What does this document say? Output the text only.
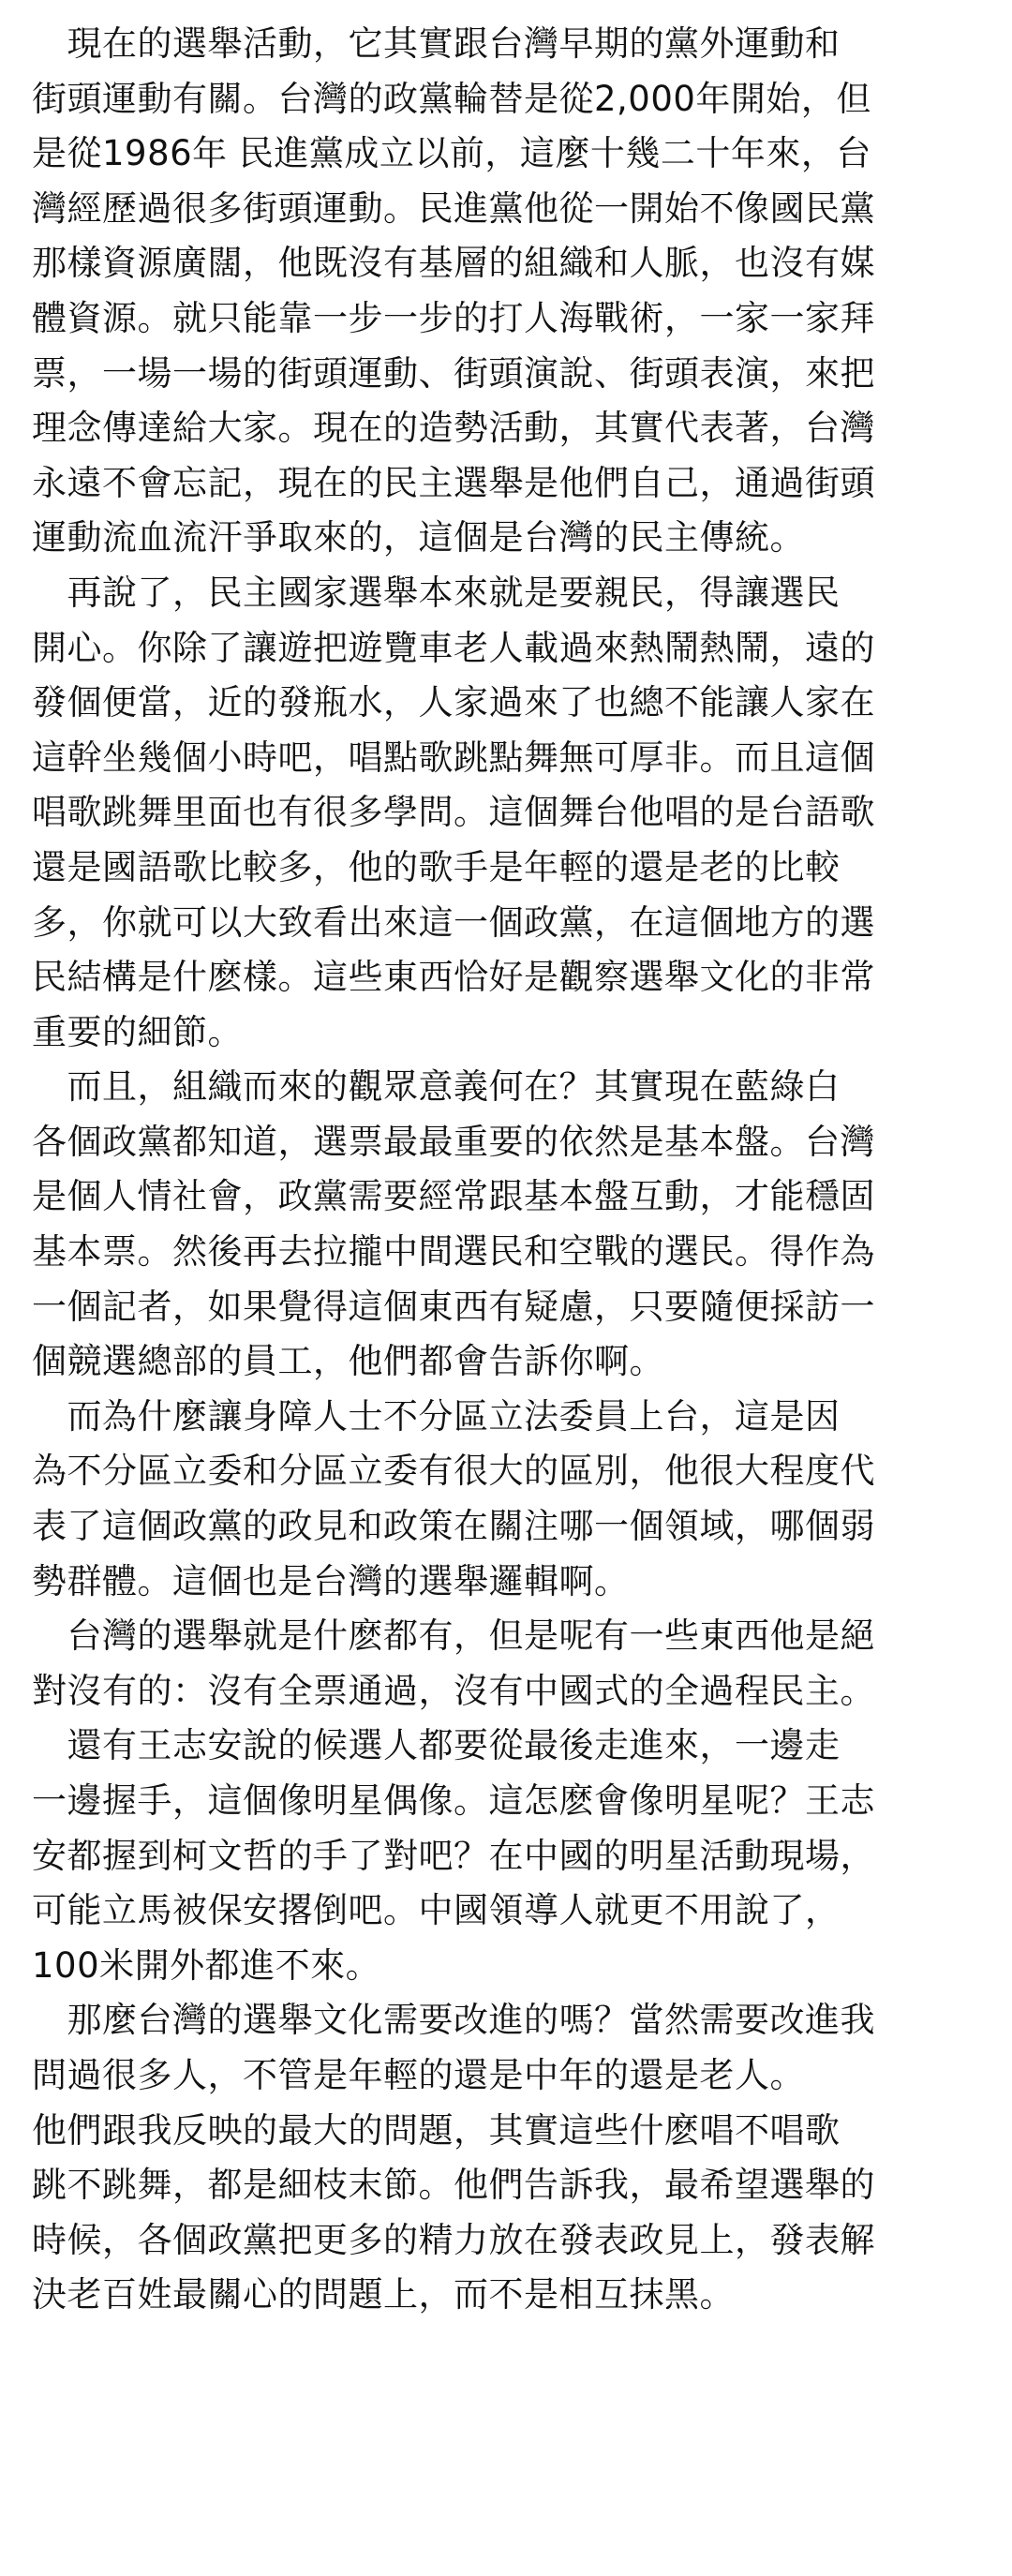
　現在的選舉活動，它其實跟台灣早期的黨外運動和
街頭運動有關。台灣的政黨輪替是從2,000年開始，但
是從1986年 民進黨成立以前，這麼十幾二十年來，台
灣經歷過很多街頭運動。民進黨他從一開始不像國民黨
那樣資源廣闊，他既沒有基層的組織和人脈，也沒有媒
體資源。就只能靠一步一步的打人海戰術，一家一家拜
票，一場一場的街頭運動、街頭演說、街頭表演，來把
理念傳達給大家。現在的造勢活動，其實代表著，台灣
永遠不會忘記，現在的民主選舉是他們自己，通過街頭
運動流血流汗爭取來的，這個是台灣的民主傳統。

　再說了，民主國家選舉本來就是要親民，得讓選民
開心。你除了讓遊把遊覽車老人載過來熱鬧熱鬧，遠的
發個便當，近的發瓶水，人家過來了也總不能讓人家在
這幹坐幾個小時吧，唱點歌跳點舞無可厚非。而且這個
唱歌跳舞里面也有很多學問。這個舞台他唱的是台語歌
還是國語歌比較多，他的歌手是年輕的還是老的比較
多，你就可以大致看出來這一個政黨，在這個地方的選
民結構是什麽樣。這些東西恰好是觀察選舉文化的非常
重要的細節。

　而且，組織而來的觀眾意義何在？其實現在藍綠白
各個政黨都知道，選票最最重要的依然是基本盤。台灣
是個人情社會，政黨需要經常跟基本盤互動，才能穩固
基本票。然後再去拉攏中間選民和空戰的選民。得作為
一個記者，如果覺得這個東西有疑慮，只要隨便採訪一
個競選總部的員工，他們都會告訴你啊。

　而為什麼讓身障人士不分區立法委員上台，這是因
為不分區立委和分區立委有很大的區別，他很大程度代
表了這個政黨的政見和政策在關注哪一個領域，哪個弱
勢群體。這個也是台灣的選舉邏輯啊。

　台灣的選舉就是什麽都有，但是呢有一些東西他是絕
對沒有的：沒有全票通過，沒有中國式的全過程民主。

　還有王志安說的候選人都要從最後走進來，一邊走
一邊握手，這個像明星偶像。這怎麽會像明星呢？王志
安都握到柯文哲的手了對吧？在中國的明星活動現場，
可能立馬被保安撂倒吧。中國領導人就更不用說了，
100米開外都進不來。

　那麼台灣的選舉文化需要改進的嗎？當然需要改進我
問過很多人，不管是年輕的還是中年的還是老人。
他們跟我反映的最大的問題，其實這些什麽唱不唱歌
跳不跳舞，都是細枝末節。他們告訴我，最希望選舉的
時候，各個政黨把更多的精力放在發表政見上，發表解
決老百姓最關心的問題上，而不是相互抹黑。
